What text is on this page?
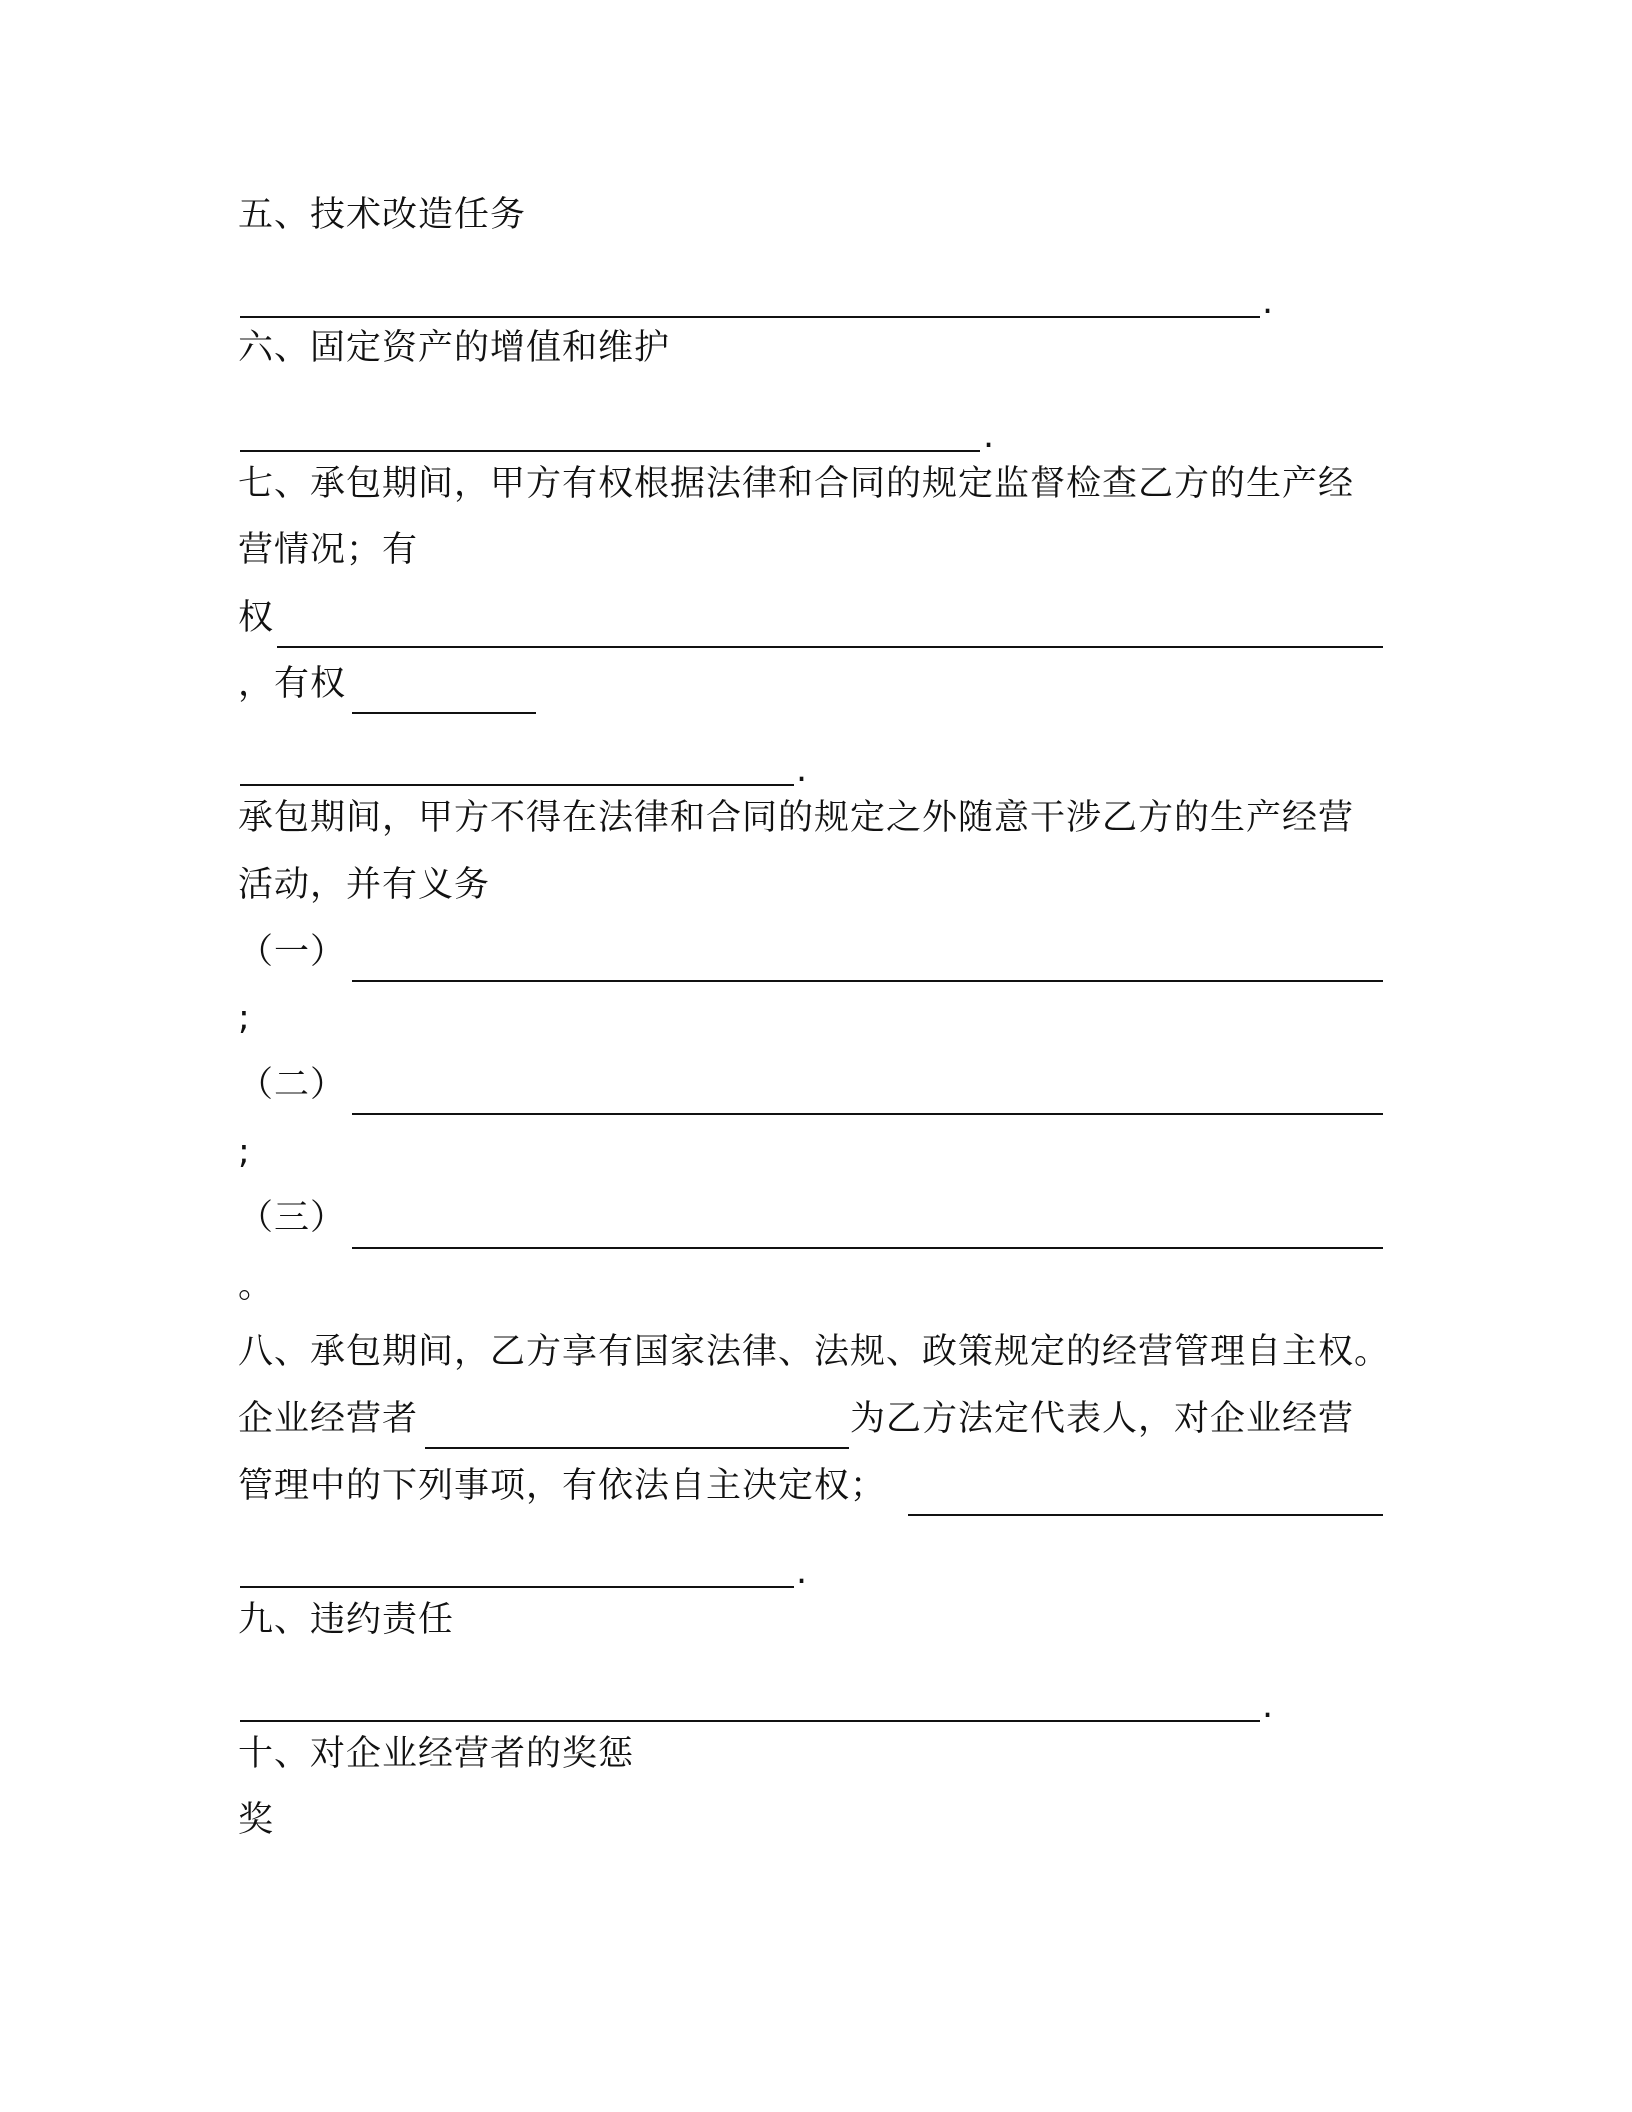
五、技术改造任务
.
六、固定资产的增值和维护
.
七、承包期间，甲方有权根据法律和合同的规定监督检查乙方的生产经
营情况；有
权
，有权
.
承包期间，甲方不得在法律和合同的规定之外随意干涉乙方的生产经营
活动，并有义务
（一）
;
（二）
;
（三）
。
八、承包期间，乙方享有国家法律、法规、政策规定的经营管理自主权。
企业经营者	为乙方法定代表人，对企业经营
管理中的下列事项，有依法自主决定权；
.
九、违约责任
.
十、对企业经营者的奖惩
奖
